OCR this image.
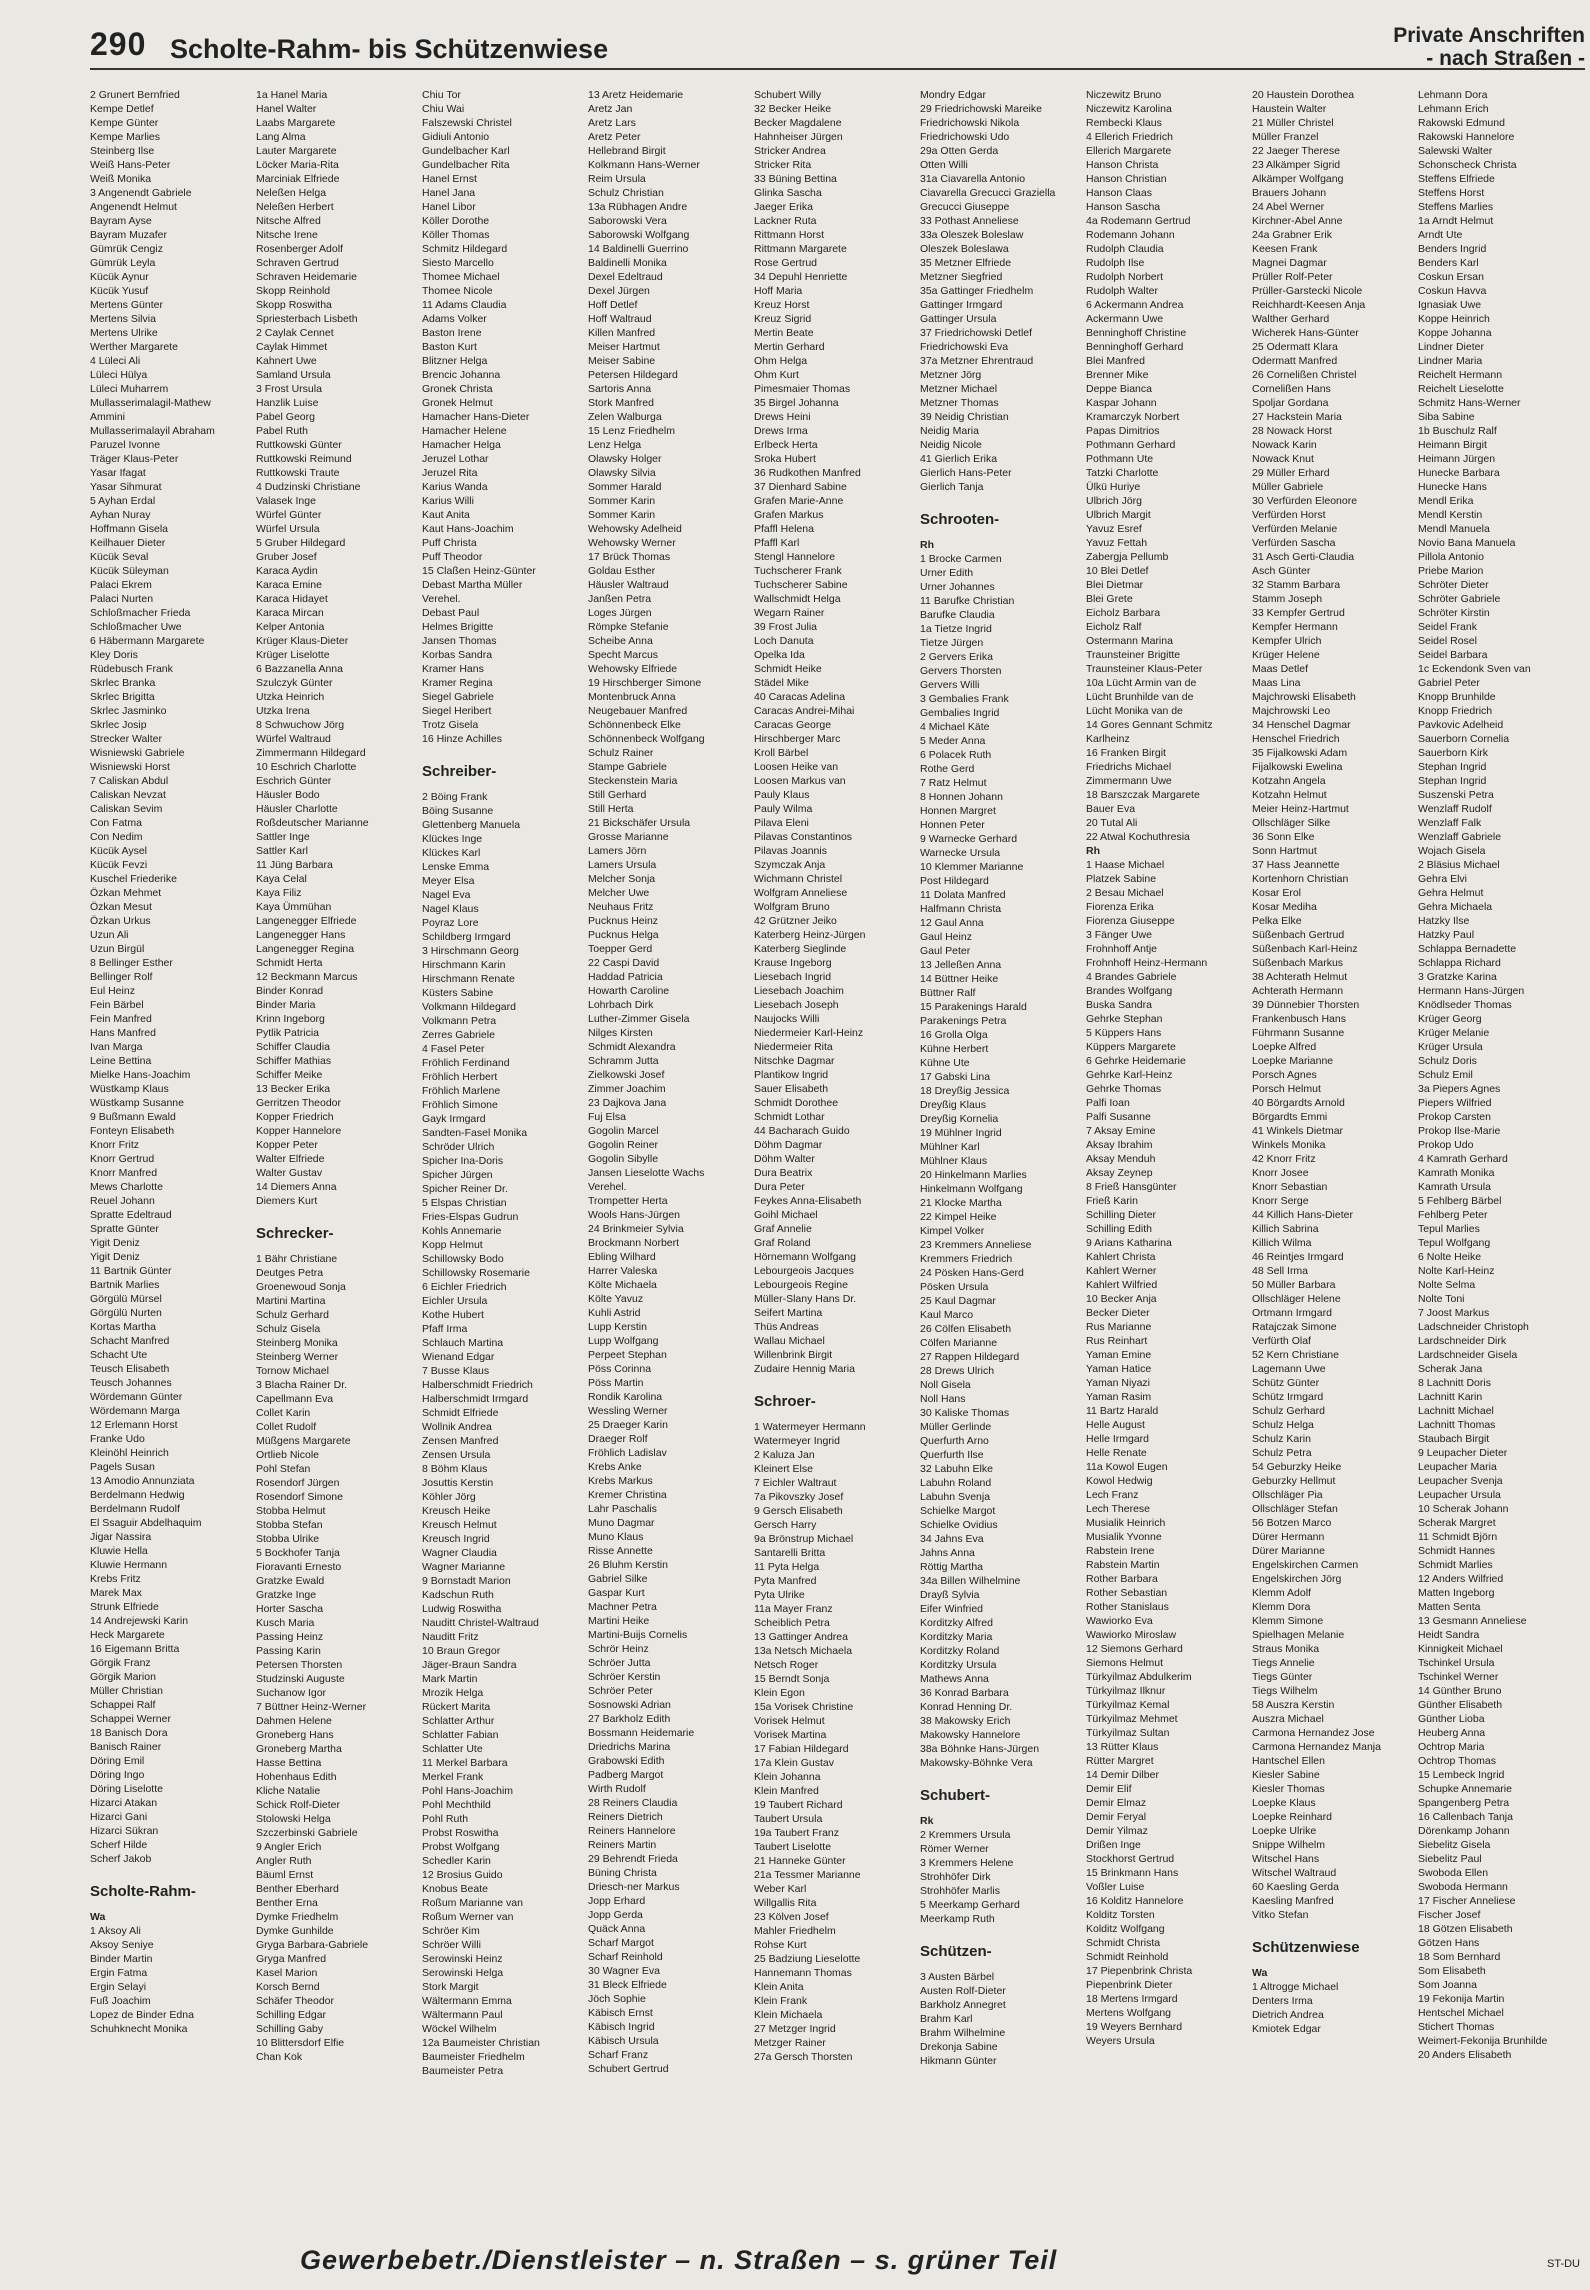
290 Scholte-Rahm- bis Schützenwiese	Private Anschriften
- nach Straßen -
2 Grunert Bernfried
Kempe Detlef
Kempe Günter
Kempe Marlies
Steinberg Ilse
Weiß Hans-Peter
Weiß Monika
3 Angenendt Gabriele
Angenendt Helmut
Bayram Ayse
Bayram Muzafer
Gümrük Cengiz
Gümrük Leyla
Kücük Aynur
Kücük Yusuf
Mertens Günter
Mertens Silvia
Mertens Ulrike
Werther Margarete
4 Lüleci Ali
Lüleci Hülya
Lüleci Muharrem
Mullasserimalagil-Mathew
Ammini
Mullasserimalayil Abraham
Paruzel Ivonne
Träger Klaus-Peter
Yasar Ifagat
Yasar Sihmurat
5 Ayhan Erdal
Ayhan Nuray
Hoffmann Gisela
Keilhauer Dieter
Kücük Seval
Kücük Süleyman
Palaci Ekrem
Palaci Nurten
Schloßmacher Frieda
Schloßmacher Uwe
6 Häbermann Margarete
Kley Doris
Rüdebusch Frank
Skrlec Branka
Skrlec Brigitta
Skrlec Jasminko
Skrlec Josip
Strecker Walter
Wisniewski Gabriele
Wisniewski Horst
7 Caliskan Abdul
Caliskan Nevzat
Caliskan Sevim
Con Fatma
Con Nedim
Kücük Aysel
Kücük Fevzi
Kuschel Friederike
Özkan Mehmet
Özkan Mesut
Özkan Urkus
Uzun Ali
Uzun Birgül
8 Bellinger Esther
Bellinger Rolf
Eul Heinz
Fein Bärbel
Fein Manfred
Hans Manfred
Ivan Marga
Leine Bettina
Mielke Hans-Joachim
Wüstkamp Klaus
Wüstkamp Susanne
9 Bußmann Ewald
Fonteyn Elisabeth
Knorr Fritz
Knorr Gertrud
Knorr Manfred
Mews Charlotte
Reuel Johann
Spratte Edeltraud
Spratte Günter
Yigit Deniz
Yigit Deniz
11 Bartnik Günter
Bartnik Marlies
Görgülü Mürsel
Görgülü Nurten
Kortas Martha
Schacht Manfred
Schacht Ute
Teusch Elisabeth
Teusch Johannes
Wördemann Günter
Wördemann Marga
12 Erlemann Horst
Franke Udo
Kleinöhl Heinrich
Pagels Susan
13 Amodio Annunziata
Berdelmann Hedwig
Berdelmann Rudolf
El Ssaguir Abdelhaquim
Jigar Nassira
Kluwie Hella
Kluwie Hermann
Krebs Fritz
Marek Max
Strunk Elfriede
14 Andrejewski Karin
Heck Margarete
16 Eigemann Britta
Görgik Franz
Görgik Marion
Müller Christian
Schappei Ralf
Schappei Werner
18 Banisch Dora
Banisch Rainer
Döring Emil
Döring Ingo
Döring Liselotte
Hizarci Atakan
Hizarci Gani
Hizarci Sükran
Scherf Hilde
Scherf Jakob
Scholte-Rahm-
Wa
1 Aksoy Ali
Aksoy Seniye
Binder Martin
Ergin Fatma
Ergin Selayi
Fuß Joachim
Lopez de Binder Edna
Schuhknecht Monika
1a Hanel Maria
Hanel Walter
Laabs Margarete
Lang Alma
Lauter Margarete
Löcker Maria-Rita
Marciniak Elfriede
Neleßen Helga
Neleßen Herbert
Nitsche Alfred
Nitsche Irene
Rosenberger Adolf
Schraven Gertrud
Schraven Heidemarie
Skopp Reinhold
Skopp Roswitha
Spriesterbach Lisbeth
2 Caylak Cennet
Caylak Himmet
Kahnert Uwe
Samland Ursula
3 Frost Ursula
Hanzlik Luise
Pabel Georg
Pabel Ruth
Ruttkowski Günter
Ruttkowski Reimund
Ruttkowski Traute
4 Dudzinski Christiane
Valasek Inge
Würfel Günter
Würfel Ursula
5 Gruber Hildegard
Gruber Josef
Karaca Aydin
Karaca Emine
Karaca Hidayet
Karaca Mircan
Kelper Antonia
Krüger Klaus-Dieter
Krüger Liselotte
6 Bazzanella Anna
Szulczyk Günter
Utzka Heinrich
Utzka Irena
8 Schwuchow Jörg
Würfel Waltraud
Zimmermann Hildegard
10 Eschrich Charlotte
Eschrich Günter
Häusler Bodo
Häusler Charlotte
Roßdeutscher Marianne
Sattler Inge
Sattler Karl
11 Jüng Barbara
Kaya Celal
Kaya Filiz
Kaya Ümmühan
Langenegger Elfriede
Langenegger Hans
Langenegger Regina
Schmidt Herta
12 Beckmann Marcus
Binder Konrad
Binder Maria
Krinn Ingeborg
Pytlik Patricia
Schiffer Claudia
Schiffer Mathias
Schiffer Meike
13 Becker Erika
Gerritzen Theodor
Kopper Friedrich
Kopper Hannelore
Kopper Peter
Walter Elfriede
Walter Gustav
14 Diemers Anna
Diemers Kurt
Schrecker-
1 Bähr Christiane
Deutges Petra
Groenewoud Sonja
Martini Martina
Schulz Gerhard
Schulz Gisela
Steinberg Monika
Steinberg Werner
Tornow Michael
3 Blacha Rainer Dr.
Capellmann Eva
Collet Karin
Collet Rudolf
Müßgens Margarete
Ortlieb Nicole
Pohl Stefan
Rosendorf Jürgen
Rosendorf Simone
Stobba Helmut
Stobba Stefan
Stobba Ulrike
5 Bockhofer Tanja
Fioravanti Ernesto
Gratzke Ewald
Gratzke Inge
Horter Sascha
Kusch Maria
Passing Heinz
Passing Karin
Petersen Thorsten
Studzinski Auguste
Suchanow Igor
7 Büttner Heinz-Werner
Dahmen Helene
Groneberg Hans
Groneberg Martha
Hasse Bettina
Hohenhaus Edith
Kliche Natalie
Schick Rolf-Dieter
Stolowski Helga
Szczerbinski Gabriele
9 Angler Erich
Angler Ruth
Bäuml Ernst
Benther Eberhard
Benther Erna
Dymke Friedhelm
Dymke Gunhilde
Gryga Barbara-Gabriele
Gryga Manfred
Kasel Marion
Korsch Bernd
Schäfer Theodor
Schilling Edgar
Schilling Gaby
10 Blittersdorf Elfie
Chan Kok
Chiu Tor
Chiu Wai
Falszewski Christel
Gidiuli Antonio
Gundelbacher Karl
Gundelbacher Rita
Hanel Ernst
Hanel Jana
Hanel Libor
Köller Dorothe
Köller Thomas
Schmitz Hildegard
Siesto Marcello
Thomee Michael
Thomee Nicole
11 Adams Claudia
Adams Volker
Baston Irene
Baston Kurt
Blitzner Helga
Brencic Johanna
Gronek Christa
Gronek Helmut
Hamacher Hans-Dieter
Hamacher Helene
Hamacher Helga
Jeruzel Lothar
Jeruzel Rita
Karius Wanda
Karius Willi
Kaut Anita
Kaut Hans-Joachim
Puff Christa
Puff Theodor
15 Claßen Heinz-Günter
Debast Martha Müller
Verehel.
Debast Paul
Helmes Brigitte
Jansen Thomas
Korbas Sandra
Kramer Hans
Kramer Regina
Siegel Gabriele
Siegel Heribert
Trotz Gisela
16 Hinze Achilles
Schreiber-
2 Böing Frank
Böing Susanne
Glettenberg Manuela
Klückes Inge
Klückes Karl
Lenske Emma
Meyer Elsa
Nagel Eva
Nagel Klaus
Poyraz Lore
Schildberg Irmgard
3 Hirschmann Georg
Hirschmann Karin
Hirschmann Renate
Küsters Sabine
Volkmann Hildegard
Volkmann Petra
Zerres Gabriele
4 Fasel Peter
Fröhlich Ferdinand
Fröhlich Herbert
Fröhlich Marlene
Fröhlich Simone
Gayk Irmgard
Sandten-Fasel Monika
Schröder Ulrich
Spicher Ina-Doris
Spicher Jürgen
Spicher Reiner Dr.
5 Elspas Christian
Fries-Elspas Gudrun
Kohls Annemarie
Kopp Helmut
Schillowsky Bodo
Schillowsky Rosemarie
6 Eichler Friedrich
Eichler Ursula
Kothe Hubert
Pfaff Irma
Schlauch Martina
Wienand Edgar
7 Busse Klaus
Halberschmidt Friedrich
Halberschmidt Irmgard
Schmidt Elfriede
Wollnik Andrea
Zensen Manfred
Zensen Ursula
8 Böhm Klaus
Josuttis Kerstin
Köhler Jörg
Kreusch Heike
Kreusch Helmut
Kreusch Ingrid
Wagner Claudia
Wagner Marianne
9 Bornstadt Marion
Kadschun Ruth
Ludwig Roswitha
Nauditt Christel-Waltraud
Nauditt Fritz
10 Braun Gregor
Jäger-Braun Sandra
Mark Martin
Mrozik Helga
Rückert Marita
Schlatter Arthur
Schlatter Fabian
Schlatter Ute
11 Merkel Barbara
Merkel Frank
Pohl Hans-Joachim
Pohl Mechthild
Pohl Ruth
Probst Roswitha
Probst Wolfgang
Schedler Karin
12 Brosius Guido
Knobus Beate
Roßum Marianne van
Roßum Werner van
Schröer Kim
Schröer Willi
Serowinski Heinz
Serowinski Helga
Stork Margit
Wältermann Emma
Wältermann Paul
Wöckel Wilhelm
12a Baumeister Christian
Baumeister Friedhelm
Baumeister Petra
13 Aretz Heidemarie
Aretz Jan
Aretz Lars
Aretz Peter
Hellebrand Birgit
Kolkmann Hans-Werner
Reim Ursula
Schulz Christian
13a Rübhagen Andre
Saborowski Vera
Saborowski Wolfgang
14 Baldinelli Guerrino
Baldinelli Monika
Dexel Edeltraud
Dexel Jürgen
Hoff Detlef
Hoff Waltraud
Killen Manfred
Meiser Hartmut
Meiser Sabine
Petersen Hildegard
Sartoris Anna
Stork Manfred
Zelen Walburga
15 Lenz Friedhelm
Lenz Helga
Olawsky Holger
Olawsky Silvia
Sommer Harald
Sommer Karin
Sommer Karin
Wehowsky Adelheid
Wehowsky Werner
17 Brück Thomas
Goldau Esther
Häusler Waltraud
Janßen Petra
Loges Jürgen
Römpke Stefanie
Scheibe Anna
Specht Marcus
Wehowsky Elfriede
19 Hirschberger Simone
Montenbruck Anna
Neugebauer Manfred
Schönnenbeck Elke
Schönnenbeck Wolfgang
Schulz Rainer
Stampe Gabriele
Steckenstein Maria
Still Gerhard
Still Herta
21 Bickschäfer Ursula
Grosse Marianne
Lamers Jörn
Lamers Ursula
Melcher Sonja
Melcher Uwe
Neuhaus Fritz
Pucknus Heinz
Pucknus Helga
Toepper Gerd
22 Caspi David
Haddad Patricia
Howarth Caroline
Lohrbach Dirk
Luther-Zimmer Gisela
Nilges Kirsten
Schmidt Alexandra
Schramm Jutta
Zielkowski Josef
Zimmer Joachim
23 Dajkova Jana
Fuj Elsa
Gogolin Marcel
Gogolin Reiner
Gogolin Sibylle
Jansen Lieselotte Wachs
Verehel.
Trompetter Herta
Wools Hans-Jürgen
24 Brinkmeier Sylvia
Brockmann Norbert
Ebling Wilhard
Harrer Valeska
Költe Michaela
Költe Yavuz
Kuhli Astrid
Lupp Kerstin
Lupp Wolfgang
Perpeet Stephan
Pöss Corinna
Pöss Martin
Rondik Karolina
Wessling Werner
25 Draeger Karin
Draeger Rolf
Fröhlich Ladislav
Krebs Anke
Krebs Markus
Kremer Christina
Lahr Paschalis
Muno Dagmar
Muno Klaus
Risse Annette
26 Bluhm Kerstin
Gabriel Silke
Gaspar Kurt
Machner Petra
Martini Heike
Martini-Buijs Cornelis
Schrör Heinz
Schröer Jutta
Schröer Kerstin
Schröer Peter
Sosnowski Adrian
27 Barkholz Edith
Bossmann Heidemarie
Driedrichs Marina
Grabowski Edith
Padberg Margot
Wirth Rudolf
28 Reiners Claudia
Reiners Dietrich
Reiners Hannelore
Reiners Martin
29 Behrendt Frieda
Büning Christa
Driesch-ner Markus
Jopp Erhard
Jopp Gerda
Quäck Anna
Scharf Margot
Scharf Reinhold
30 Wagner Eva
31 Bleck Elfriede
Jöch Sophie
Käbisch Ernst
Käbisch Ingrid
Käbisch Ursula
Scharf Franz
Schubert Gertrud
Schubert Willy
32 Becker Heike
Becker Magdalene
Hahnheiser Jürgen
Stricker Andrea
Stricker Rita
33 Büning Bettina
Glinka Sascha
Jaeger Erika
Lackner Ruta
Rittmann Horst
Rittmann Margarete
Rose Gertrud
34 Depuhl Henriette
Hoff Maria
Kreuz Horst
Kreuz Sigrid
Mertin Beate
Mertin Gerhard
Ohm Helga
Ohm Kurt
Pimesmaier Thomas
35 Birgel Johanna
Drews Heini
Drews Irma
Erlbeck Herta
Sroka Hubert
36 Rudkothen Manfred
37 Dienhard Sabine
Grafen Marie-Anne
Grafen Markus
Pfaffl Helena
Pfaffl Karl
Stengl Hannelore
Tuchscherer Frank
Tuchscherer Sabine
Wallschmidt Helga
Wegarn Rainer
39 Frost Julia
Loch Danuta
Opelka Ida
Schmidt Heike
Städel Mike
40 Caracas Adelina
Caracas Andrei-Mihai
Caracas George
Hirschberger Marc
Kroll Bärbel
Loosen Heike van
Loosen Markus van
Pauly Klaus
Pauly Wilma
Pilava Eleni
Pilavas Constantinos
Pilavas Joannis
Szymczak Anja
Wichmann Christel
Wolfgram Anneliese
Wolfgram Bruno
42 Grützner Jeiko
Katerberg Heinz-Jürgen
Katerberg Sieglinde
Krause Ingeborg
Liesebach Ingrid
Liesebach Joachim
Liesebach Joseph
Naujocks Willi
Niedermeier Karl-Heinz
Niedermeier Rita
Nitschke Dagmar
Plantikow Ingrid
Sauer Elisabeth
Schmidt Dorothee
Schmidt Lothar
44 Bacharach Guido
Döhm Dagmar
Döhm Walter
Dura Beatrix
Dura Peter
Feykes Anna-Elisabeth
Goihl Michael
Graf Annelie
Graf Roland
Hörnemann Wolfgang
Lebourgeois Jacques
Lebourgeois Regine
Müller-Slany Hans Dr.
Seifert Martina
Thüs Andreas
Wallau Michael
Willenbrink Birgit
Zudaire Hennig Maria
Schroer-
1 Watermeyer Hermann
Watermeyer Ingrid
2 Kaluza Jan
Kleinert Else
7 Eichler Waltraut
7a Pikovszky Josef
9 Gersch Elisabeth
Gersch Harry
9a Brönstrup Michael
Santarelli Britta
11 Pyta Helga
Pyta Manfred
Pyta Ulrike
11a Mayer Franz
Scheiblich Petra
13 Gattinger Andrea
13a Netsch Michaela
Netsch Roger
15 Berndt Sonja
Klein Egon
15a Vorisek Christine
Vorisek Helmut
Vorisek Martina
17 Fabian Hildegard
17a Klein Gustav
Klein Johanna
Klein Manfred
19 Taubert Richard
Taubert Ursula
19a Taubert Franz
Taubert Liselotte
21 Hanneke Günter
21a Tessmer Marianne
Weber Karl
Willgallis Rita
23 Kölven Josef
Mahler Friedhelm
Rohse Kurt
25 Badziung Lieselotte
Hannemann Thomas
Klein Anita
Klein Frank
Klein Michaela
27 Metzger Ingrid
Metzger Rainer
27a Gersch Thorsten
Mondry Edgar
29 Friedrichowski Mareike
Friedrichowski Nikola
Friedrichowski Udo
29a Otten Gerda
Otten Willi
31a Ciavarella Antonio
Ciavarella Grecucci Graziella
Grecucci Giuseppe
33 Pothast Anneliese
33a Oleszek Boleslaw
Oleszek Boleslawa
35 Metzner Elfriede
Metzner Siegfried
35a Gattinger Friedhelm
Gattinger Irmgard
Gattinger Ursula
37 Friedrichowski Detlef
Friedrichowski Eva
37a Metzner Ehrentraud
Metzner Jörg
Metzner Michael
Metzner Thomas
39 Neidig Christian
Neidig Maria
Neidig Nicole
41 Gierlich Erika
Gierlich Hans-Peter
Gierlich Tanja
Schrooten-
Rh
1 Brocke Carmen
Urner Edith
Urner Johannes
11 Barufke Christian
Barufke Claudia
1a Tietze Ingrid
Tietze Jürgen
2 Gervers Erika
Gervers Thorsten
Gervers Willi
3 Gembalies Frank
Gembalies Ingrid
4 Michael Käte
5 Meder Anna
6 Polacek Ruth
Rothe Gerd
7 Ratz Helmut
8 Honnen Johann
Honnen Margret
Honnen Peter
9 Warnecke Gerhard
Warnecke Ursula
10 Klemmer Marianne
Post Hildegard
11 Dolata Manfred
Halfmann Christa
12 Gaul Anna
Gaul Heinz
Gaul Peter
13 Jelleßen Anna
14 Büttner Heike
Büttner Ralf
15 Parakenings Harald
Parakenings Petra
16 Grolla Olga
Kühne Herbert
Kühne Ute
17 Gabski Lina
18 Dreyßig Jessica
Dreyßig Klaus
Dreyßig Kornelia
19 Mühlner Ingrid
Mühlner Karl
Mühlner Klaus
20 Hinkelmann Marlies
Hinkelmann Wolfgang
21 Klocke Martha
22 Kimpel Heike
Kimpel Volker
23 Kremmers Anneliese
Kremmers Friedrich
24 Pösken Hans-Gerd
Pösken Ursula
25 Kaul Dagmar
Kaul Marco
26 Cölfen Elisabeth
Cölfen Marianne
27 Rappen Hildegard
28 Drews Ulrich
Noll Gisela
Noll Hans
30 Kaliske Thomas
Müller Gerlinde
Querfurth Arno
Querfurth Ilse
32 Labuhn Elke
Labuhn Roland
Labuhn Svenja
Schielke Margot
Schielke Ovidius
34 Jahns Eva
Jahns Anna
Röttig Martha
34a Billen Wilhelmine
Drayß Sylvia
Eifer Winfried
Korditzky Alfred
Korditzky Maria
Korditzky Roland
Korditzky Ursula
Mathews Anna
36 Konrad Barbara
Konrad Henning Dr.
38 Makowsky Erich
Makowsky Hannelore
38a Böhnke Hans-Jürgen
Makowsky-Böhnke Vera
Schubert-
Rk
2 Kremmers Ursula
Römer Werner
3 Kremmers Helene
Strohhöfer Dirk
Strohhöfer Marlis
5 Meerkamp Gerhard
Meerkamp Ruth
Schützen-
3 Austen Bärbel
Austen Rolf-Dieter
Barkholz Annegret
Brahm Karl
Brahm Wilhelmine
Drekonja Sabine
Hikmann Günter
Niczewitz Bruno
Niczewitz Karolina
Rembecki Klaus
4 Ellerich Friedrich
Ellerich Margarete
Hanson Christa
Hanson Christian
Hanson Claas
Hanson Sascha
4a Rodemann Gertrud
Rodemann Johann
Rudolph Claudia
Rudolph Ilse
Rudolph Norbert
Rudolph Walter
6 Ackermann Andrea
Ackermann Uwe
Benninghoff Christine
Benninghoff Gerhard
Blei Manfred
Brenner Mike
Deppe Bianca
Kaspar Johann
Kramarczyk Norbert
Papas Dimitrios
Pothmann Gerhard
Pothmann Ute
Tatzki Charlotte
Ülkü Huriye
Ulbrich Jörg
Ulbrich Margit
Yavuz Esref
Yavuz Fettah
Zabergja Pellumb
10 Blei Detlef
Blei Dietmar
Blei Grete
Eicholz Barbara
Eicholz Ralf
Ostermann Marina
Traunsteiner Brigitte
Traunsteiner Klaus-Peter
10a Lücht Armin van de
Lücht Brunhilde van de
Lücht Monika van de
14 Gores Gennant Schmitz
Karlheinz
16 Franken Birgit
Friedrichs Michael
Zimmermann Uwe
18 Barszczak Margarete
Bauer Eva
20 Tutal Ali
22 Atwal Kochuthresia
Rh
1 Haase Michael
Platzek Sabine
2 Besau Michael
Fiorenza Erika
Fiorenza Giuseppe
3 Fänger Uwe
Frohnhoff Antje
Frohnhoff Heinz-Hermann
4 Brandes Gabriele
Brandes Wolfgang
Buska Sandra
Gehrke Stephan
5 Küppers Hans
Küppers Margarete
6 Gehrke Heidemarie
Gehrke Karl-Heinz
Gehrke Thomas
Palfi Ioan
Palfi Susanne
7 Aksay Emine
Aksay Ibrahim
Aksay Menduh
Aksay Zeynep
8 Frieß Hansgünter
Frieß Karin
Schilling Dieter
Schilling Edith
9 Arians Katharina
Kahlert Christa
Kahlert Werner
Kahlert Wilfried
10 Becker Anja
Becker Dieter
Rus Marianne
Rus Reinhart
Yaman Emine
Yaman Hatice
Yaman Niyazi
Yaman Rasim
11 Bartz Harald
Helle August
Helle Irmgard
Helle Renate
11a Kowol Eugen
Kowol Hedwig
Lech Franz
Lech Therese
Musialik Heinrich
Musialik Yvonne
Rabstein Irene
Rabstein Martin
Rother Barbara
Rother Sebastian
Rother Stanislaus
Wawiorko Eva
Wawiorko Miroslaw
12 Siemons Gerhard
Siemons Helmut
Türkyilmaz Abdulkerim
Türkyilmaz Ilknur
Türkyilmaz Kemal
Türkyilmaz Mehmet
Türkyilmaz Sultan
13 Rütter Klaus
Rütter Margret
14 Demir Dilber
Demir Elif
Demir Elmaz
Demir Feryal
Demir Yilmaz
Drißen Inge
Stockhorst Gertrud
15 Brinkmann Hans
Voßler Luise
16 Kolditz Hannelore
Kolditz Torsten
Kolditz Wolfgang
Schmidt Christa
Schmidt Reinhold
17 Piepenbrink Christa
Piepenbrink Dieter
18 Mertens Irmgard
Mertens Wolfgang
19 Weyers Bernhard
Weyers Ursula
20 Haustein Dorothea
Haustein Walter
21 Müller Christel
Müller Franzel
22 Jaeger Therese
23 Alkämper Sigrid
Alkämper Wolfgang
Brauers Johann
24 Abel Werner
Kirchner-Abel Anne
24a Grabner Erik
Keesen Frank
Magnei Dagmar
Prüller Rolf-Peter
Prüller-Garstecki Nicole
Reichhardt-Keesen Anja
Walther Gerhard
Wicherek Hans-Günter
25 Odermatt Klara
Odermatt Manfred
26 Cornelißen Christel
Cornelißen Hans
Spoljar Gordana
27 Hackstein Maria
28 Nowack Horst
Nowack Karin
Nowack Knut
29 Müller Erhard
Müller Gabriele
30 Verfürden Eleonore
Verfürden Horst
Verfürden Melanie
Verfürden Sascha
31 Asch Gerti-Claudia
Asch Günter
32 Stamm Barbara
Stamm Joseph
33 Kempfer Gertrud
Kempfer Hermann
Kempfer Ulrich
Krüger Helene
Maas Detlef
Maas Lina
Majchrowski Elisabeth
Majchrowski Leo
34 Henschel Dagmar
Henschel Friedrich
35 Fijalkowski Adam
Fijalkowski Ewelina
Kotzahn Angela
Kotzahn Helmut
Meier Heinz-Hartmut
Ollschläger Silke
36 Sonn Elke
Sonn Hartmut
37 Hass Jeannette
Kortenhorn Christian
Kosar Erol
Kosar Mediha
Pelka Elke
Süßenbach Gertrud
Süßenbach Karl-Heinz
Süßenbach Markus
38 Achterath Helmut
Achterath Hermann
39 Dünnebier Thorsten
Frankenbusch Hans
Führmann Susanne
Loepke Alfred
Loepke Marianne
Porsch Agnes
Porsch Helmut
40 Börgardts Arnold
Börgardts Emmi
41 Winkels Dietmar
Winkels Monika
42 Knorr Fritz
Knorr Josee
Knorr Sebastian
Knorr Serge
44 Killich Hans-Dieter
Killich Sabrina
Killich Wilma
46 Reintjes Irmgard
48 Sell Irma
50 Müller Barbara
Ollschläger Helene
Ortmann Irmgard
Ratajczak Simone
Verfürth Olaf
52 Kern Christiane
Lagemann Uwe
Schütz Günter
Schütz Irmgard
Schulz Gerhard
Schulz Helga
Schulz Karin
Schulz Petra
54 Geburzky Heike
Geburzky Hellmut
Ollschläger Pia
Ollschläger Stefan
56 Botzen Marco
Dürer Hermann
Dürer Marianne
Engelskirchen Carmen
Engelskirchen Jörg
Klemm Adolf
Klemm Dora
Klemm Simone
Spielhagen Melanie
Straus Monika
Tiegs Annelie
Tiegs Günter
Tiegs Wilhelm
58 Auszra Kerstin
Auszra Michael
Carmona Hernandez Jose
Carmona Hernandez Manja
Hantschel Ellen
Kiesler Sabine
Kiesler Thomas
Loepke Klaus
Loepke Reinhard
Loepke Ulrike
Snippe Wilhelm
Witschel Hans
Witschel Waltraud
60 Kaesling Gerda
Kaesling Manfred
Vitko Stefan
Schützenwiese
Wa
1 Altrogge Michael
Denters Irma
Dietrich Andrea
Kmiotek Edgar
Lehmann Dora
Lehmann Erich
Rakowski Edmund
Rakowski Hannelore
Salewski Walter
Schonscheck Christa
Steffens Elfriede
Steffens Horst
Steffens Marlies
1a Arndt Helmut
Arndt Ute
Benders Ingrid
Benders Karl
Coskun Ersan
Coskun Havva
Ignasiak Uwe
Koppe Heinrich
Koppe Johanna
Lindner Dieter
Lindner Maria
Reichelt Hermann
Reichelt Lieselotte
Schmitz Hans-Werner
Siba Sabine
1b Buschulz Ralf
Heimann Birgit
Heimann Jürgen
Hunecke Barbara
Hunecke Hans
Mendl Erika
Mendl Kerstin
Mendl Manuela
Novio Bana Manuela
Pillola Antonio
Priebe Marion
Schröter Dieter
Schröter Gabriele
Schröter Kirstin
Seidel Frank
Seidel Rosel
Seidel Barbara
1c Eckendonk Sven van
Gabriel Peter
Knopp Brunhilde
Knopp Friedrich
Pavkovic Adelheid
Sauerborn Cornelia
Sauerborn Kirk
Stephan Ingrid
Stephan Ingrid
Suszenski Petra
Wenzlaff Rudolf
Wenzlaff Falk
Wenzlaff Gabriele
Wojach Gisela
2 Bläsius Michael
Gehra Elvi
Gehra Helmut
Gehra Michaela
Hatzky Ilse
Hatzky Paul
Schlappa Bernadette
Schlappa Richard
3 Gratzke Karina
Hermann Hans-Jürgen
Knödlseder Thomas
Krüger Georg
Krüger Melanie
Krüger Ursula
Schulz Doris
Schulz Emil
3a Piepers Agnes
Piepers Wilfried
Prokop Carsten
Prokop Ilse-Marie
Prokop Udo
4 Kamrath Gerhard
Kamrath Monika
Kamrath Ursula
5 Fehlberg Bärbel
Fehlberg Peter
Tepul Marlies
Tepul Wolfgang
6 Nolte Heike
Nolte Karl-Heinz
Nolte Selma
Nolte Toni
7 Joost Markus
Ladschneider Christoph
Lardschneider Dirk
Lardschneider Gisela
Scherak Jana
8 Lachnitt Doris
Lachnitt Karin
Lachnitt Michael
Lachnitt Thomas
Staubach Birgit
9 Leupacher Dieter
Leupacher Maria
Leupacher Svenja
Leupacher Ursula
10 Scherak Johann
Scherak Margret
11 Schmidt Björn
Schmidt Hannes
Schmidt Marlies
12 Anders Wilfried
Matten Ingeborg
Matten Senta
13 Gesmann Anneliese
Heidt Sandra
Kinnigkeit Michael
Tschinkel Ursula
Tschinkel Werner
14 Günther Bruno
Günther Elisabeth
Günther Lioba
Heuberg Anna
Ochtrop Maria
Ochtrop Thomas
15 Lembeck Ingrid
Schupke Annemarie
Spangenberg Petra
16 Callenbach Tanja
Dörenkamp Johann
Siebelitz Gisela
Siebelitz Paul
Swoboda Ellen
Swoboda Hermann
17 Fischer Anneliese
Fischer Josef
18 Götzen Elisabeth
Götzen Hans
18 Som Bernhard
Som Elisabeth
Som Joanna
19 Fekonija Martin
Hentschel Michael
Stichert Thomas
Weimert-Fekonija Brunhilde
20 Anders Elisabeth
Gewerbebetr./Dienstleister – n. Straßen – s. grüner Teil	ST-DU
